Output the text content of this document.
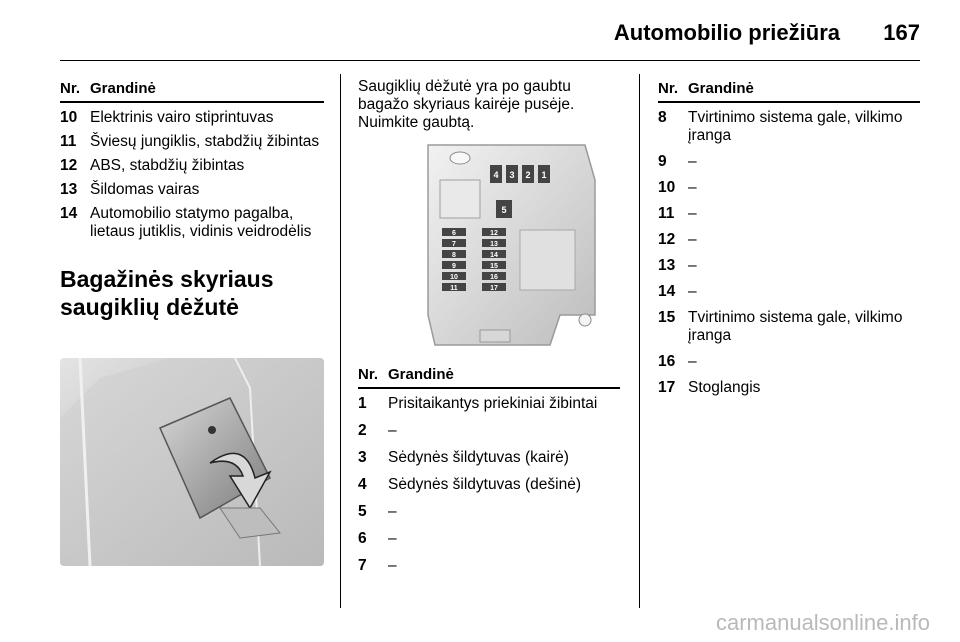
Automobilio priežiūra	167
Nr. Grandinė
10 Elektrinis vairo stiprintuvas
11 Šviesų jungiklis, stabdžių žibintas
12 ABS, stabdžių žibintas
13 Šildomas vairas
14 Automobilio statymo pagalba, lietaus jutiklis, vidinis veidrodėlis
Bagažinės skyriaus saugiklių dėžutė
Saugiklių dėžutė yra po gaubtu bagažo skyriaus kairėje pusėje. Nuimkite gaubtą.
4 3 2 1
5
6
7
8
9
10
11
12
13
14
15
16
17
Nr. Grandinė
1	Prisitaikantys priekiniai žibintai
2	–
3	Sėdynės šildytuvas (kairė)
4	Sėdynės šildytuvas (dešinė)
5	–
6	–
7	–
Nr. Grandinė
8	Tvirtinimo sistema gale, vilkimo įranga
9	–
10 –
11 –
12 –
13 –
14 –
15 Tvirtinimo sistema gale, vilkimo įranga
16 –
17 Stoglangis
carmanualsonline.info
